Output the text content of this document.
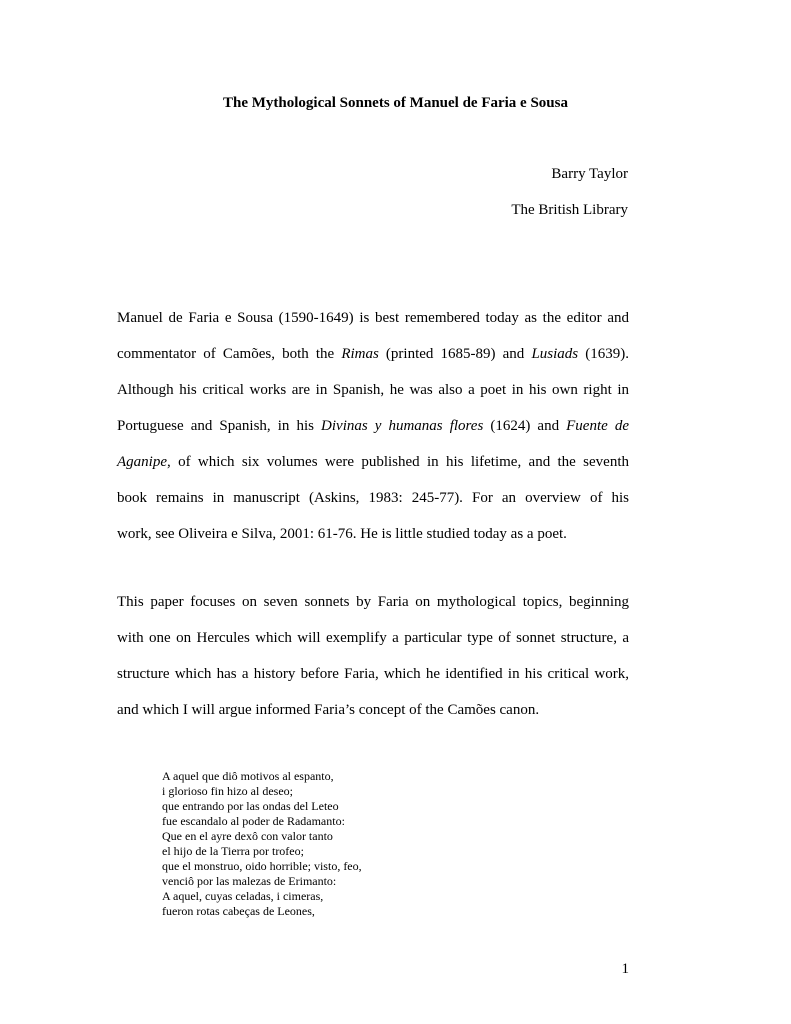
The Mythological Sonnets of Manuel de Faria e Sousa
Barry Taylor
The British Library
Manuel de Faria e Sousa (1590-1649) is best remembered today as the editor and
commentator of Camões, both the Rimas (printed 1685-89) and Lusiads (1639).
Although his critical works are in Spanish, he was also a poet in his own right in
Portuguese and Spanish, in his Divinas y humanas flores (1624) and Fuente de
Aganipe, of which six volumes were published in his lifetime, and the seventh
book remains in manuscript (Askins, 1983: 245-77). For an overview of his
work, see Oliveira e Silva, 2001: 61-76. He is little studied today as a poet.
This paper focuses on seven sonnets by Faria on mythological topics, beginning
with one on Hercules which will exemplify a particular type of sonnet structure, a
structure which has a history before Faria, which he identified in his critical work,
and which I will argue informed Faria’s concept of the Camões canon.
A aquel que diô motivos al espanto,
i glorioso fin hizo al deseo;
que entrando por las ondas del Leteo
fue escandalo al poder de Radamanto:
Que en el ayre dexô con valor tanto
el hijo de la Tierra por trofeo;
que el monstruo, oido horrible; visto, feo,
venciô por las malezas de Erimanto:
A aquel, cuyas celadas, i cimeras,
fueron rotas cabeças de Leones,
1
